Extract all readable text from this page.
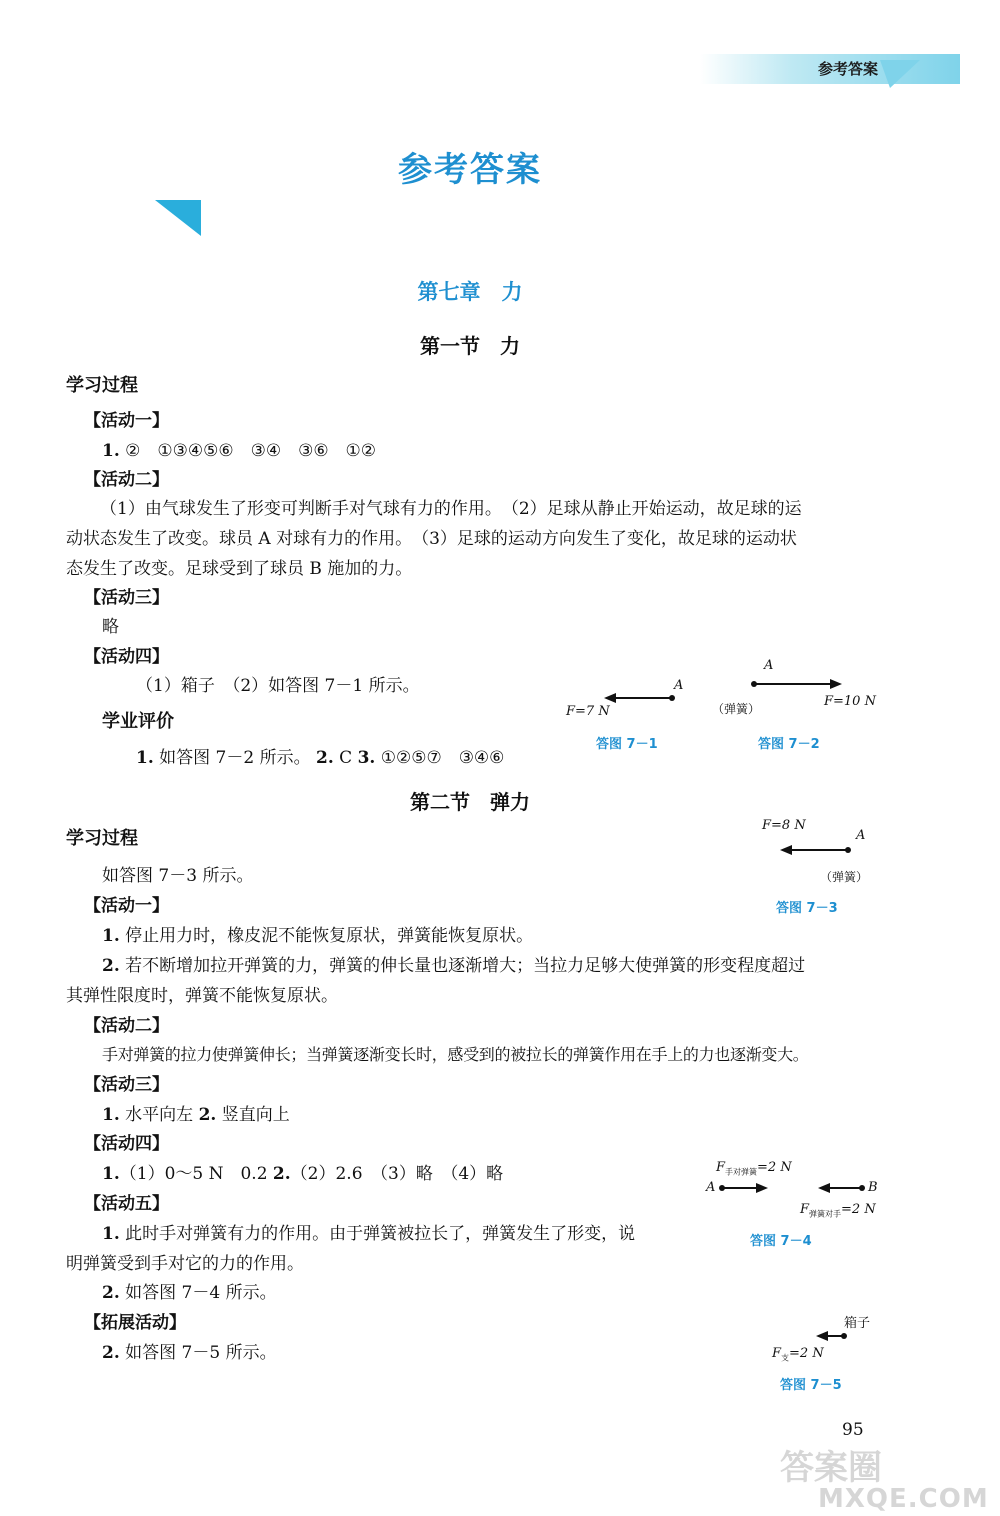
参考答案
参考答案
第七章　力
第一节　力
学习过程
【活动一】
1. ②　①③④⑤⑥　③④　③⑥　①②
【活动二】
（1）由气球发生了形变可判断手对气球有力的作用。　（2）足球从静止开始运动，故足球的运
动状态发生了改变。球员 A 对球有力的作用。　（3）足球的运动方向发生了变化，故足球的运动状
态发生了改变。足球受到了球员 B 施加的力。
【活动三】
略
【活动四】
（1）箱子　（2）如答图 7－1 所示。
学业评价
1. 如答图 7－2 所示。 2. C 3. ①②⑤⑦　③④⑥
A
F=7 N
答图 7－1
A
F=10 N
（弹簧）
答图 7－2
第二节　弹力
学习过程
F=8 N
A
（弹簧）
答图 7－3
如答图 7－3 所示。
【活动一】
1. 停止用力时，橡皮泥不能恢复原状，弹簧能恢复原状。
2. 若不断增加拉开弹簧的力，弹簧的伸长量也逐渐增大；当拉力足够大使弹簧的形变程度超过
其弹性限度时，弹簧不能恢复原状。
【活动二】
手对弹簧的拉力使弹簧伸长；当弹簧逐渐变长时，感受到的被拉长的弹簧作用在手上的力也逐渐变大。
【活动三】
1. 水平向左 2. 竖直向上
【活动四】
1.（1）0～5 N　0.2 2.（2）2.6　（3）略　（4）略
【活动五】
1. 此时手对弹簧有力的作用。由于弹簧被拉长了，弹簧发生了形变，说
明弹簧受到手对它的力的作用。
2. 如答图 7－4 所示。
【拓展活动】
2. 如答图 7－5 所示。
$F_{手对弹簧}=2$ N
A	B
$F_{弹簧对手}=2$ N
答图 7－4
箱子
$F_支=2$ N
答图 7－5
95
答案圈
MXQE.COM
